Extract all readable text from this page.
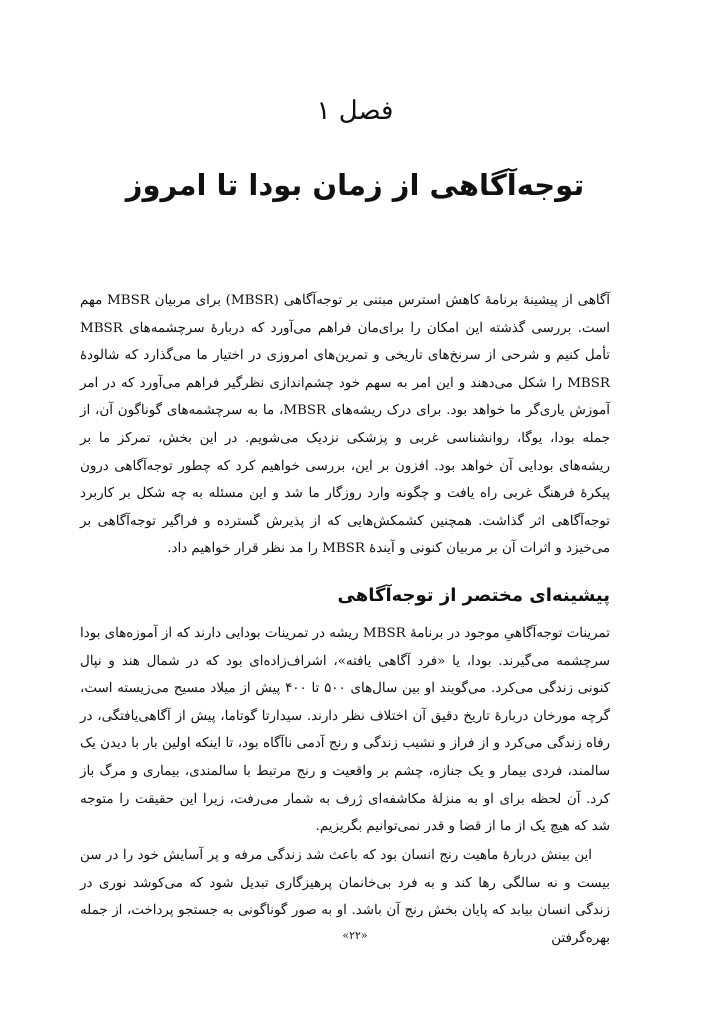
فصل ۱
توجه‌آگاهی از زمان بودا تا امروز

آگاهی از پیشینهٔ برنامهٔ کاهش استرس مبتنی بر توجه‌آگاهی (MBSR) برای مربیان MBSR مهم است. بررسی گذشته این امکان را برای‌مان فراهم می‌آورد که دربارهٔ سرچشمه‌های MBSR تأمل کنیم و شرحی از سرنخ‌های تاریخی و تمرین‌های امروزی در اختیار ما می‌گذارد که شالودهٔ MBSR را شکل می‌دهند و این امر به سهم خود چشم‌اندازی نظرگیر فراهم می‌آورد که در امر آموزش یاری‌گر ما خواهد بود. برای درک ریشه‌های MBSR، ما به سرچشمه‌های گوناگون آن، از جمله بودا، یوگا، روانشناسی غربی و پزشکی نزدیک می‌شویم. در این بخش، تمرکز ما بر ریشه‌های بودایی آن خواهد بود. افزون بر این، بررسی خواهیم کرد که چطور توجه‌آگاهی درون پیکرهٔ فرهنگ غربی راه یافت و چگونه وارد روزگار ما شد و این مسئله به چه شکل بر کاربرد توجه‌آگاهی اثر گذاشت. همچنین کشمکش‌هایی که از پذیرش گسترده و فراگیر توجه‌آگاهی بر می‌خیزد و اثرات آن بر مربیان کنونی و آیندهٔ MBSR را مد نظر قرار خواهیم داد.

پیشینه‌ای مختصر از توجه‌آگاهی

تمرینات توجه‌آگاهیِ موجود در برنامهٔ MBSR ریشه در تمرینات بودایی دارند که از آموزه‌های بودا سرچشمه می‌گیرند. بودا، یا «فرد آگاهی یافته»، اشراف‌زاده‌ای بود که در شمال هند و نپال کنونی زندگی می‌کرد. می‌گویند او بین سال‌های ۵۰۰ تا ۴۰۰ پیش از میلاد مسیح می‌زیسته است، گرچه مورخان دربارهٔ تاریخ دقیق آن اختلاف نظر دارند. سیدارتا گوتاما، پیش از آگاهی‌یافتگی، در رفاه زندگی می‌کرد و از فراز و نشیب زندگی و رنج آدمی ناآگاه بود، تا اینکه اولین بار با دیدن یک سالمند، فردی بیمار و یک جنازه، چشم بر واقعیت و رنج مرتبط با سالمندی، بیماری و مرگ باز کرد. آن لحظه برای او به منزلهٔ مکاشفه‌ای ژرف به شمار می‌رفت، زیرا این حقیقت را متوجه شد که هیچ یک از ما از قضا و قدر نمی‌توانیم بگریزیم.

این بینش دربارهٔ ماهیت رنج انسان بود که باعث شد زندگی مرفه و پر آسایش خود را در سن بیست و نه سالگی رها کند و به فرد بی‌خانمان پرهیزگاری تبدیل شود که می‌کوشد نوری در زندگی انسان بیابد که پایان بخش رنج آن باشد. او به صور گوناگونی به جستجو پرداخت، از جمله بهره‌گرفتن

«۲۲»
